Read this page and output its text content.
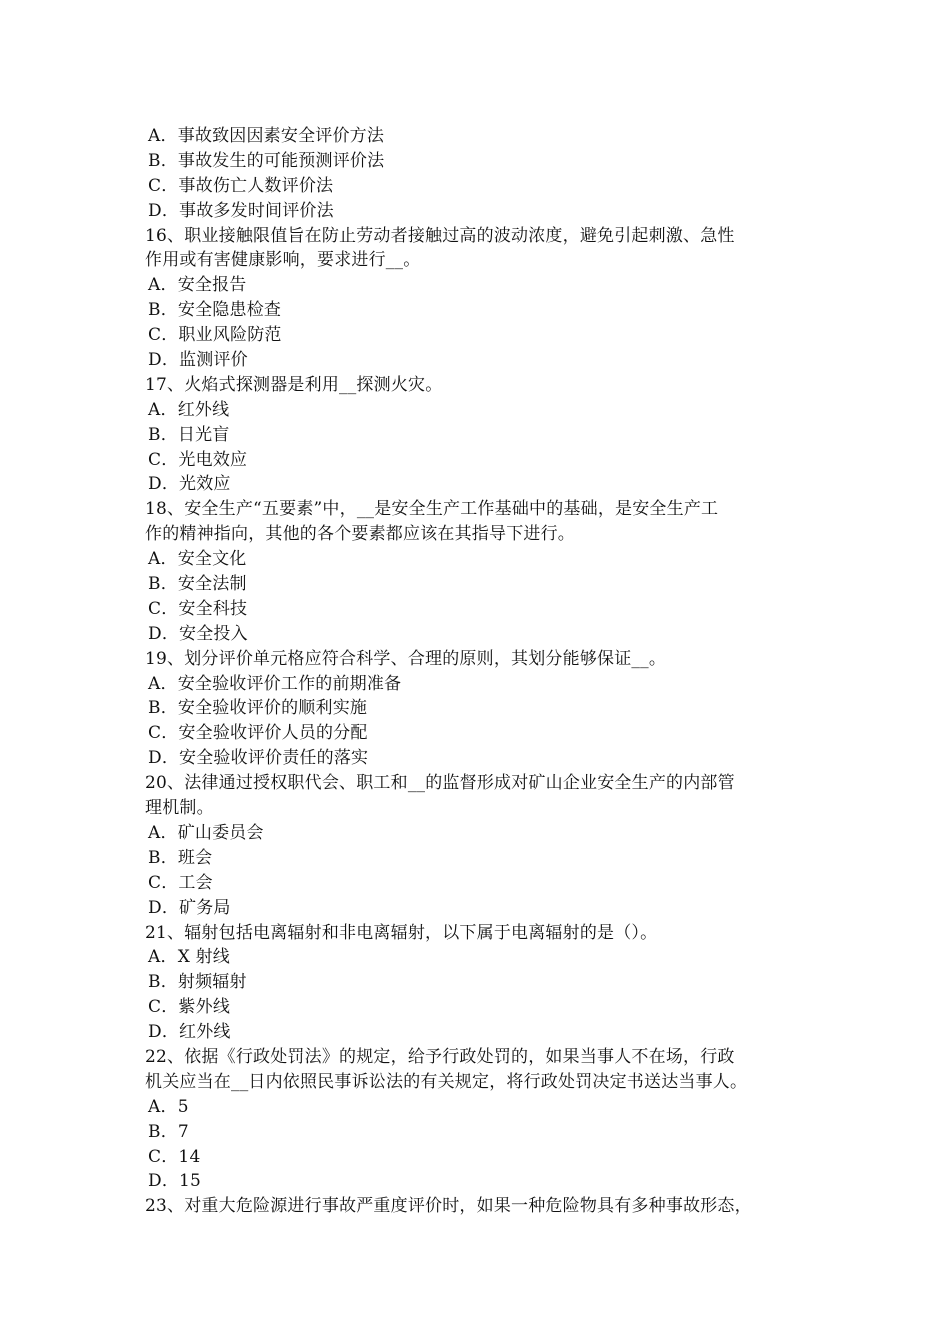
A．事故致因因素安全评价方法
B．事故发生的可能预测评价法
C．事故伤亡人数评价法
D．事故多发时间评价法
16、职业接触限值旨在防止劳动者接触过高的波动浓度，避免引起刺激、急性
作用或有害健康影响，要求进行__。
A．安全报告
B．安全隐患检查
C．职业风险防范
D．监测评价
17、火焰式探测器是利用__探测火灾。
A．红外线
B．日光盲
C．光电效应
D．光效应
18、安全生产“五要素”中，__是安全生产工作基础中的基础，是安全生产工
作的精神指向，其他的各个要素都应该在其指导下进行。
A．安全文化
B．安全法制
C．安全科技
D．安全投入
19、划分评价单元格应符合科学、合理的原则，其划分能够保证__。
A．安全验收评价工作的前期准备
B．安全验收评价的顺利实施
C．安全验收评价人员的分配
D．安全验收评价责任的落实
20、法律通过授权职代会、职工和__的监督形成对矿山企业安全生产的内部管
理机制。
A．矿山委员会
B．班会
C．工会
D．矿务局
21、辐射包括电离辐射和非电离辐射，以下属于电离辐射的是（）。
A．X 射线
B．射频辐射
C．紫外线
D．红外线
22、依据《行政处罚法》的规定，给予行政处罚的，如果当事人不在场，行政
机关应当在__日内依照民事诉讼法的有关规定，将行政处罚决定书送达当事人。
A．5
B．7
C．14
D．15
23、对重大危险源进行事故严重度评价时，如果一种危险物具有多种事故形态，
